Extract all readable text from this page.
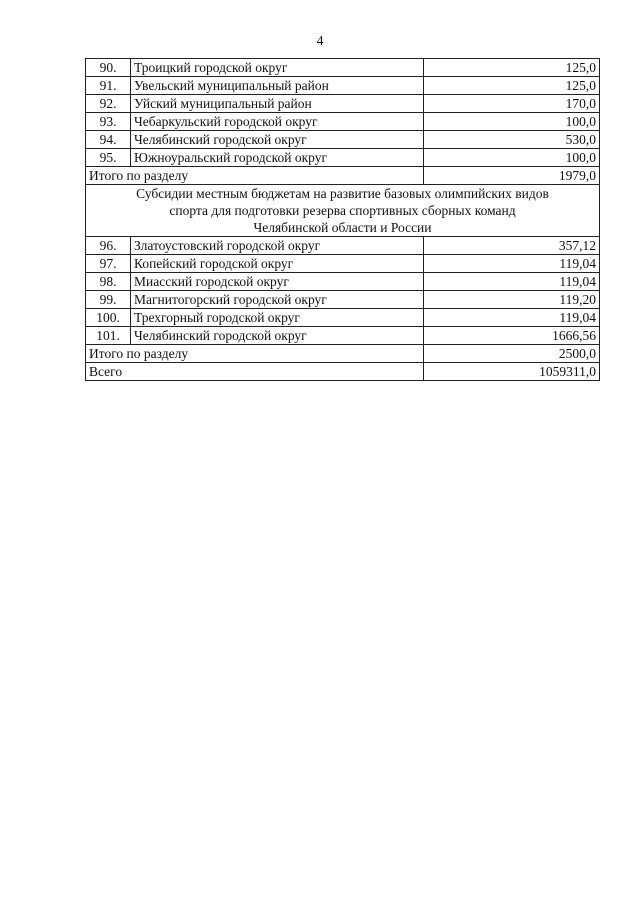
4
90.	Троицкий городской округ	125,0
91.	Увельский муниципальный район	125,0
92.	Уйский муниципальный район	170,0
93.	Чебаркульский городской округ	100,0
94.	Челябинский городской округ	530,0
95.	Южноуральский городской округ	100,0
Итого по разделу		1979,0

Субсидии местным бюджетам на развитие базовых олимпийских видов
спорта для подготовки резерва спортивных сборных команд
Челябинской области и России		

96.	Златоустовский городской округ	357,12
97.	Копейский городской округ	119,04
98.	Миасский городской округ	119,04
99.	Магнитогорский городской округ	119,20
100.	Трехгорный городской округ	119,04
101.	Челябинский городской округ	1666,56
Итого по разделу		2500,0
Всего		1059311,0
